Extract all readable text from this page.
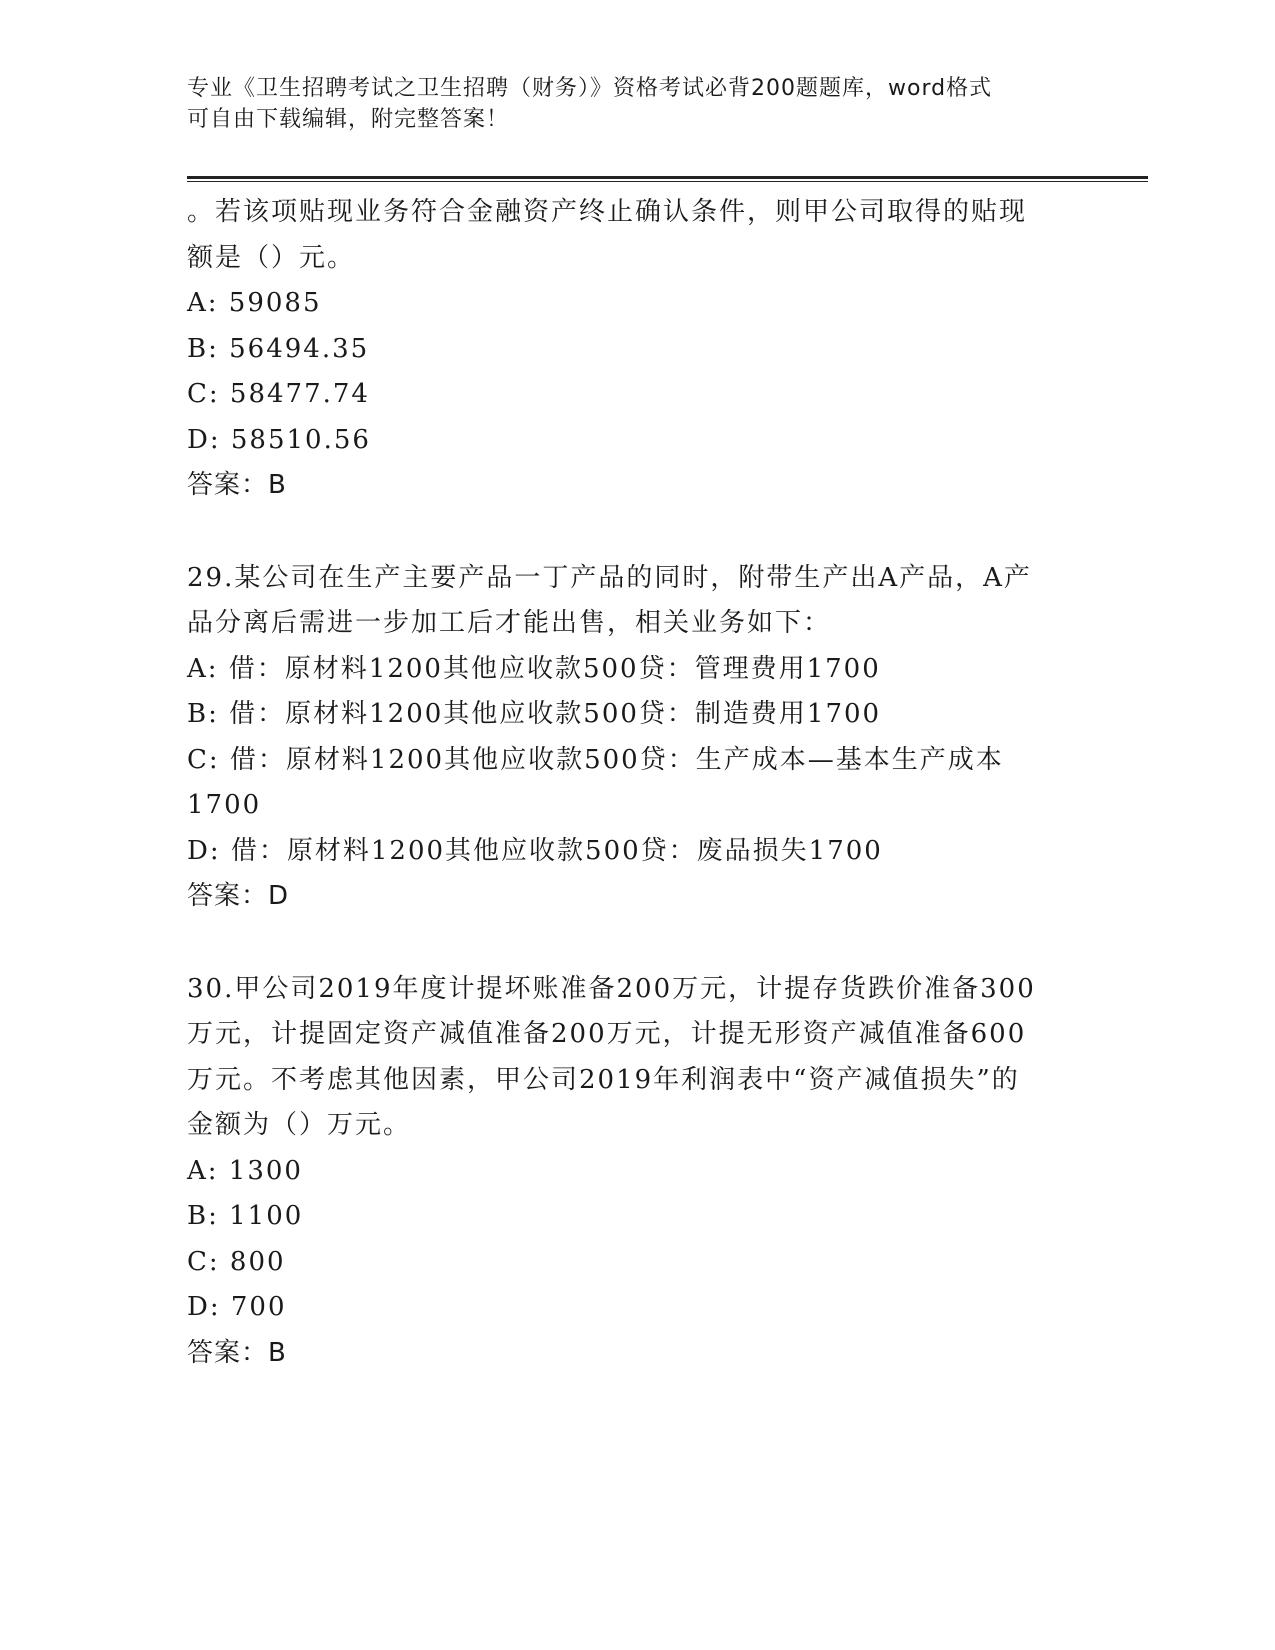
专业《卫生招聘考试之卫生招聘（财务）》资格考试必背200题题库，word格式
可自由下载编辑，附完整答案！
。若该项贴现业务符合金融资产终止确认条件，则甲公司取得的贴现
额是（）元。
A: 59085
B: 56494.35
C: 58477.74
D: 58510.56
答案：B
29.某公司在生产主要产品一丁产品的同时，附带生产出A产品，A产
品分离后需进一步加工后才能出售，相关业务如下：
A: 借：原材料1200其他应收款500贷：管理费用1700
B: 借：原材料1200其他应收款500贷：制造费用1700
C: 借：原材料1200其他应收款500贷：生产成本—基本生产成本
1700
D: 借：原材料1200其他应收款500贷：废品损失1700
答案：D
30.甲公司2019年度计提坏账准备200万元，计提存货跌价准备300
万元，计提固定资产减值准备200万元，计提无形资产减值准备600
万元。不考虑其他因素，甲公司2019年利润表中“资产减值损失”的
金额为（）万元。
A: 1300
B: 1100
C: 800
D: 700
答案：B
